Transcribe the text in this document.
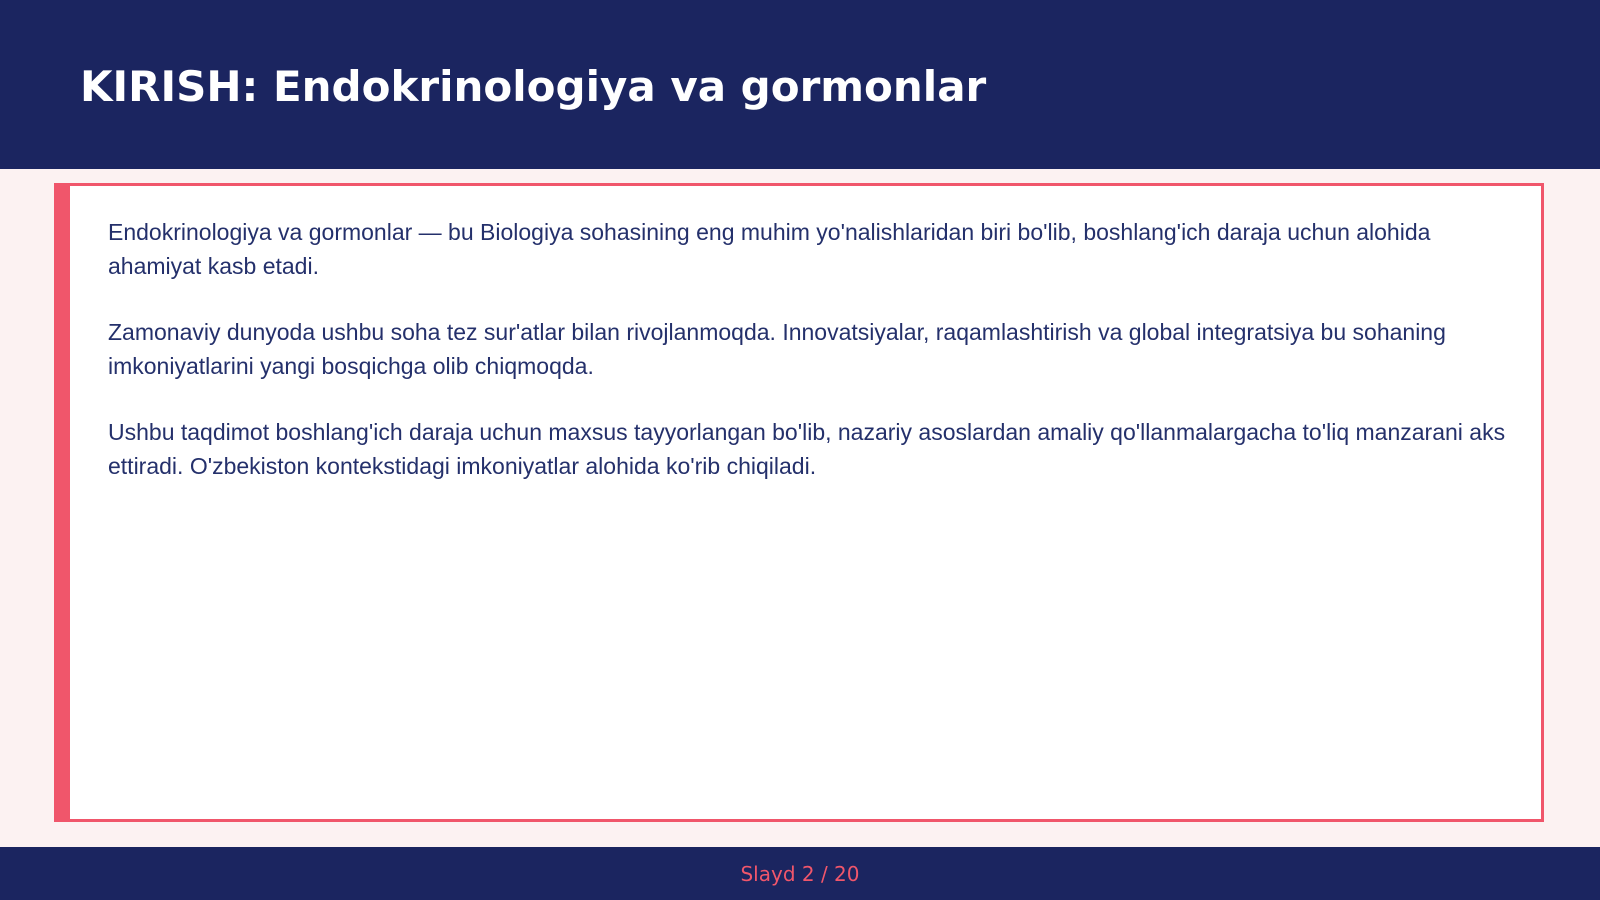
KIRISH: Endokrinologiya va gormonlar

Endokrinologiya va gormonlar — bu Biologiya sohasining eng muhim yo'nalishlaridan biri bo'lib, boshlang'ich daraja uchun alohida ahamiyat kasb etadi.

Zamonaviy dunyoda ushbu soha tez sur'atlar bilan rivojlanmoqda. Innovatsiyalar, raqamlashtirish va global integratsiya bu sohaning imkoniyatlarini yangi bosqichga olib chiqmoqda.

Ushbu taqdimot boshlang'ich daraja uchun maxsus tayyorlangan bo'lib, nazariy asoslardan amaliy qo'llanmalargacha to'liq manzarani aks ettiradi. O'zbekiston kontekstidagi imkoniyatlar alohida ko'rib chiqiladi.

Slayd 2 / 20
